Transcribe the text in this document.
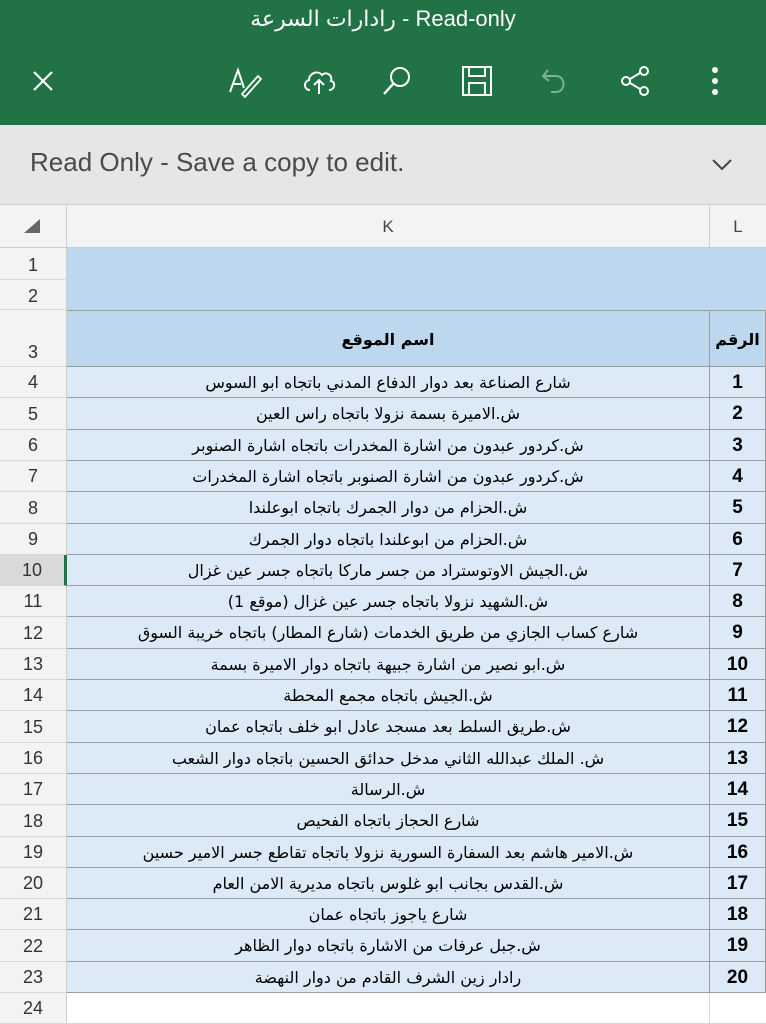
رادارات السرعة - Read-only
Read Only - Save a copy to edit.
K	L
1
2
3
اسم الموقع	الرقم
4	شارع الصناعة بعد دوار الدفاع المدني باتجاه ابو السوس	1
5	ش.الاميرة بسمة نزولا باتجاه راس العين	2
6	ش.كردور عبدون من اشارة المخدرات باتجاه اشارة الصنوبر	3
7	ش.كردور عبدون من اشارة الصنوبر باتجاه اشارة المخدرات	4
8	ش.الحزام من دوار الجمرك باتجاه ابوعلندا	5
9	ش.الحزام من ابوعلندا باتجاه دوار الجمرك	6
10	ش.الجيش الاوتوستراد من جسر ماركا باتجاه جسر عين غزال	7
11	ش.الشهيد نزولا باتجاه جسر عين غزال (موقع 1)	8
12	شارع كساب الجازي من طريق الخدمات (شارع المطار) باتجاه خريبة السوق	9
13	ش.ابو نصير من اشارة جبيهة باتجاه دوار الاميرة بسمة	10
14	ش.الجيش باتجاه مجمع المحطة	11
15	ش.طريق السلط بعد مسجد عادل ابو خلف باتجاه عمان	12
16	ش. الملك عبدالله الثاني مدخل حدائق الحسين باتجاه دوار الشعب	13
17	ش.الرسالة	14
18	شارع الحجاز باتجاه الفحيص	15
19	ش.الامير هاشم بعد السفارة السورية نزولا باتجاه تقاطع جسر الامير حسين	16
20	ش.القدس بجانب ابو غلوس باتجاه مديرية الامن العام	17
21	شارع ياجوز باتجاه عمان	18
22	ش.جبل عرفات من الاشارة باتجاه دوار الظاهر	19
23	رادار زين الشرف القادم من دوار النهضة	20
24
